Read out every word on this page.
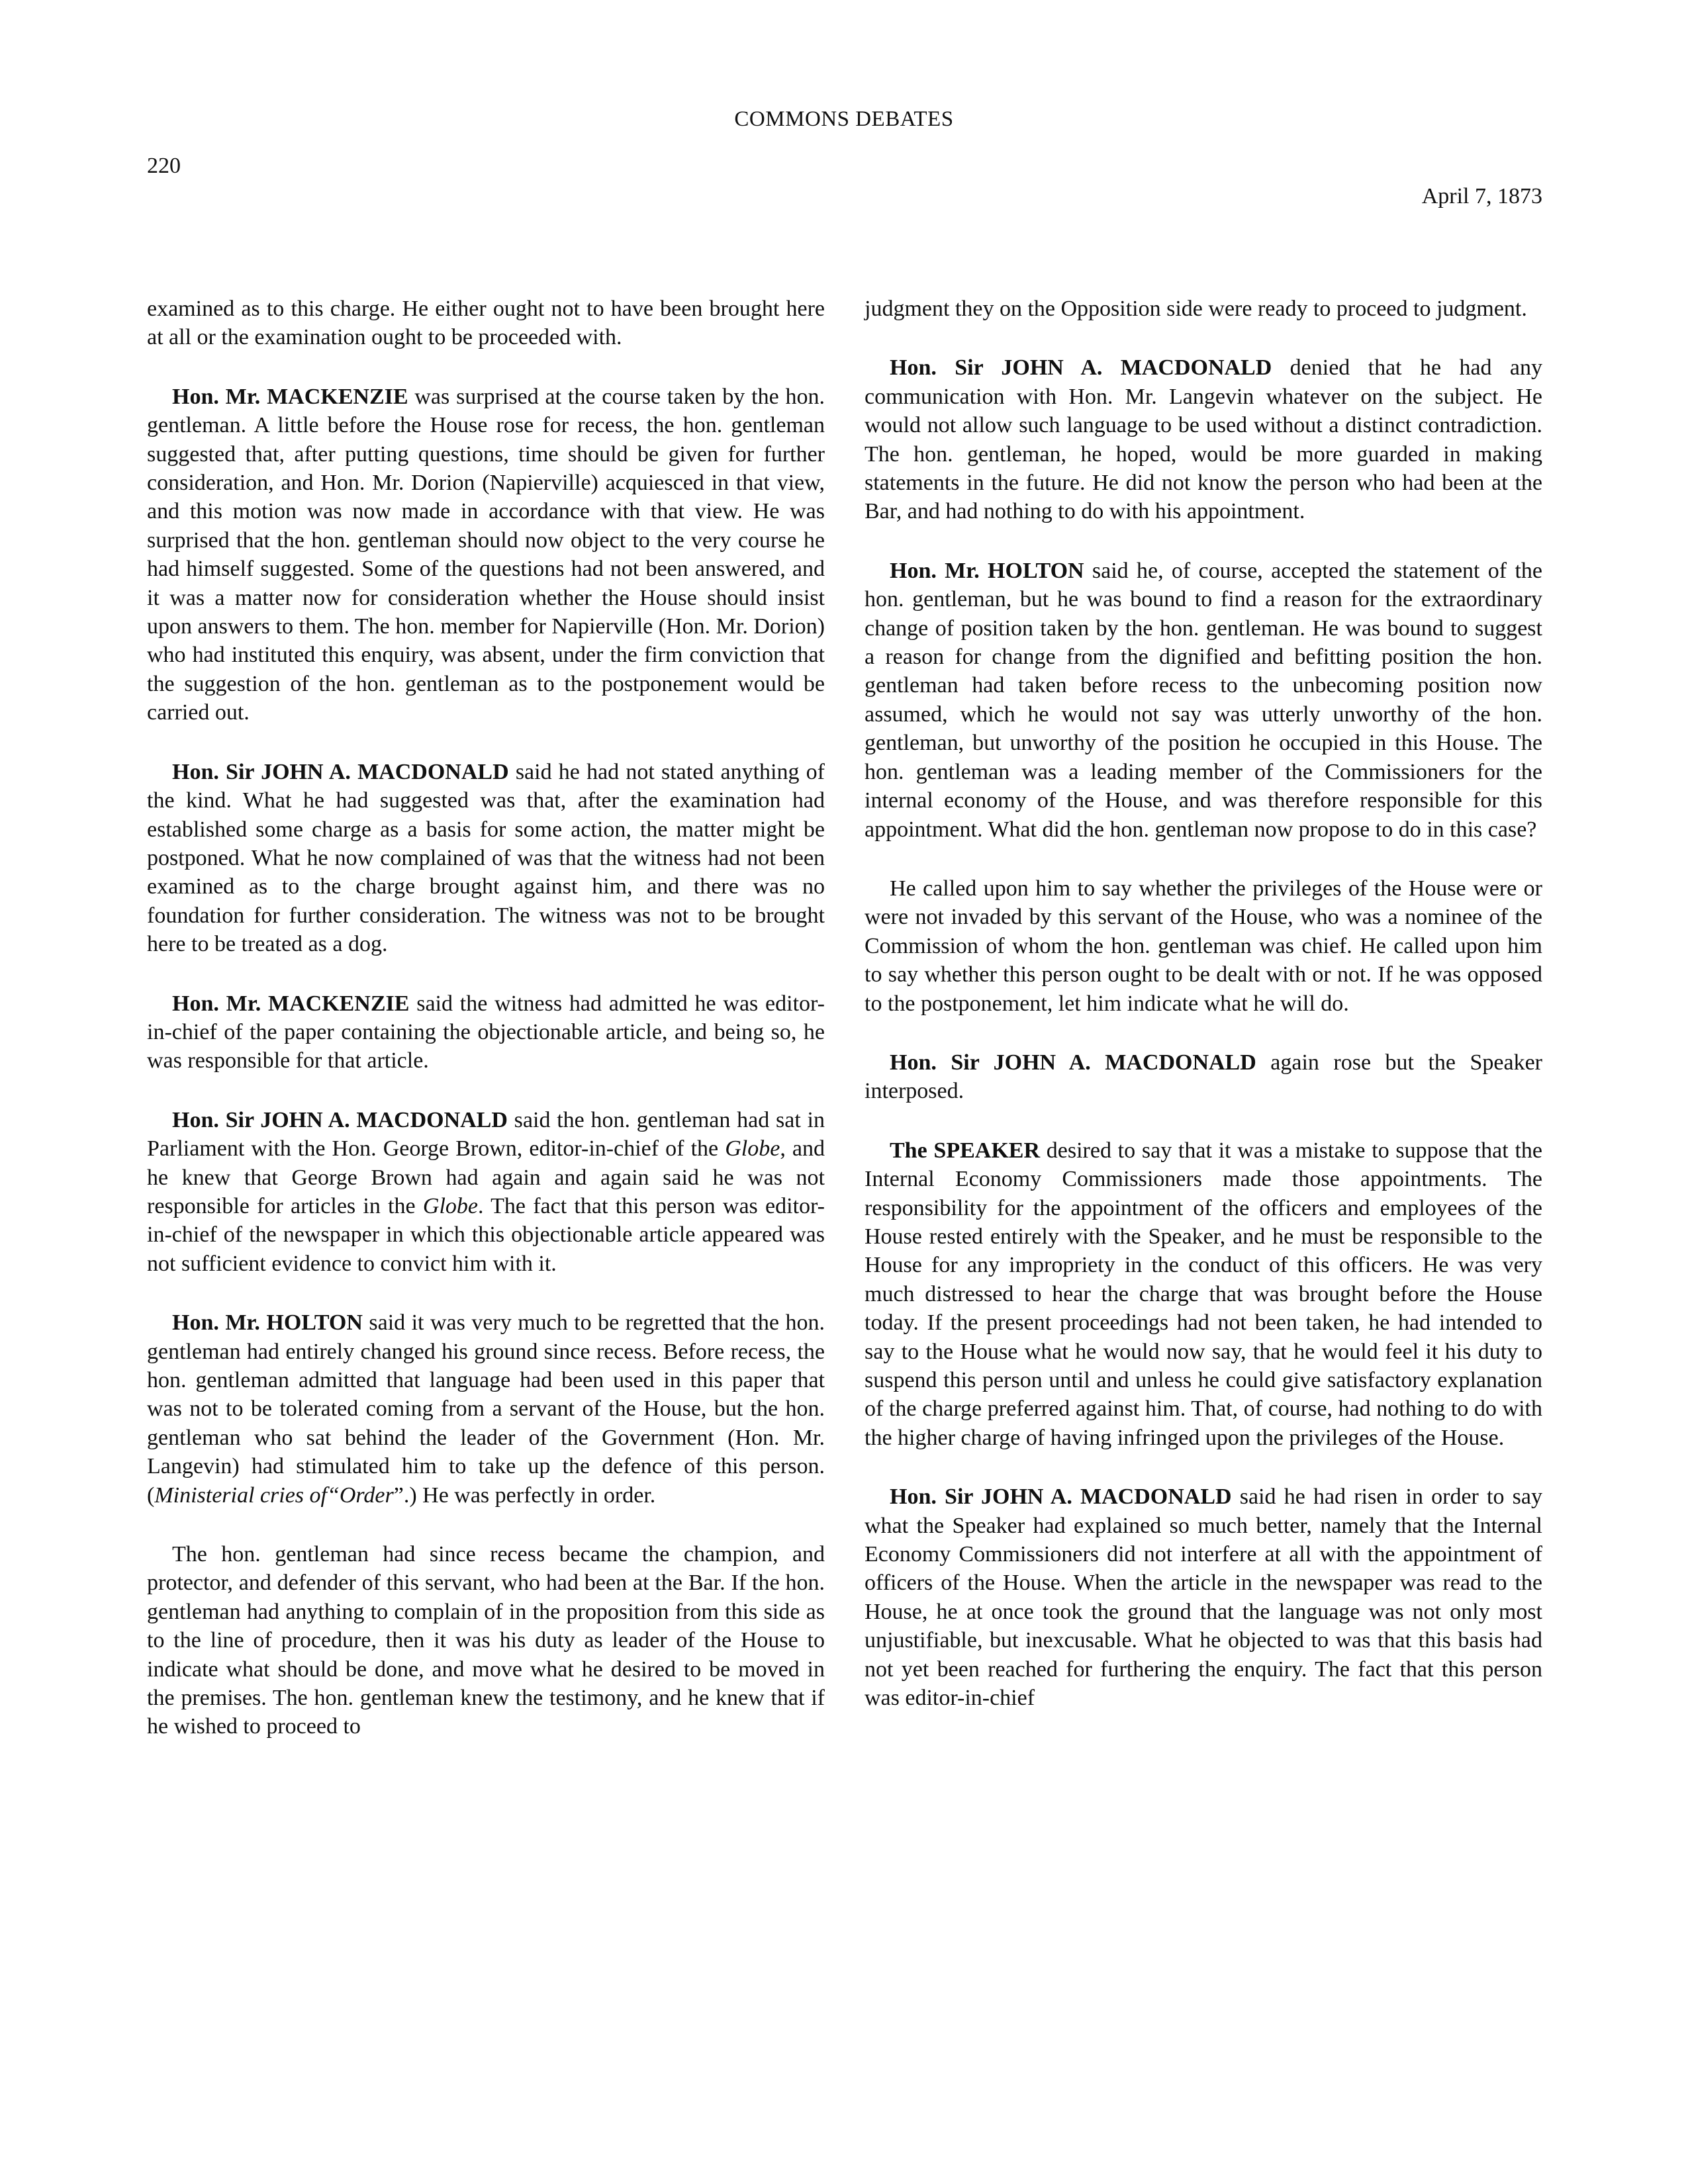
COMMONS DEBATES
220
April 7, 1873

examined as to this charge. He either ought not to have been brought here at all or the examination ought to be proceeded with.

Hon. Mr. MACKENZIE was surprised at the course taken by the hon. gentleman. A little before the House rose for recess, the hon. gentleman suggested that, after putting questions, time should be given for further consideration, and Hon. Mr. Dorion (Napierville) acquiesced in that view, and this motion was now made in accordance with that view. He was surprised that the hon. gentleman should now object to the very course he had himself suggested. Some of the questions had not been answered, and it was a matter now for consideration whether the House should insist upon answers to them. The hon. member for Napierville (Hon. Mr. Dorion) who had instituted this enquiry, was absent, under the firm conviction that the suggestion of the hon. gentleman as to the postponement would be carried out.

Hon. Sir JOHN A. MACDONALD said he had not stated anything of the kind. What he had suggested was that, after the examination had established some charge as a basis for some action, the matter might be postponed. What he now complained of was that the witness had not been examined as to the charge brought against him, and there was no foundation for further consideration. The witness was not to be brought here to be treated as a dog.

Hon. Mr. MACKENZIE said the witness had admitted he was editor-in-chief of the paper containing the objectionable article, and being so, he was responsible for that article.

Hon. Sir JOHN A. MACDONALD said the hon. gentleman had sat in Parliament with the Hon. George Brown, editor-in-chief of the Globe, and he knew that George Brown had again and again said he was not responsible for articles in the Globe. The fact that this person was editor-in-chief of the newspaper in which this objectionable article appeared was not sufficient evidence to convict him with it.

Hon. Mr. HOLTON said it was very much to be regretted that the hon. gentleman had entirely changed his ground since recess. Before recess, the hon. gentleman admitted that language had been used in this paper that was not to be tolerated coming from a servant of the House, but the hon. gentleman who sat behind the leader of the Government (Hon. Mr. Langevin) had stimulated him to take up the defence of this person. (Ministerial cries of“Order”.) He was perfectly in order.

The hon. gentleman had since recess became the champion, and protector, and defender of this servant, who had been at the Bar. If the hon. gentleman had anything to complain of in the proposition from this side as to the line of procedure, then it was his duty as leader of the House to indicate what should be done, and move what he desired to be moved in the premises. The hon. gentleman knew the testimony, and he knew that if he wished to proceed to

judgment they on the Opposition side were ready to proceed to judgment.

Hon. Sir JOHN A. MACDONALD denied that he had any communication with Hon. Mr. Langevin whatever on the subject. He would not allow such language to be used without a distinct contradiction. The hon. gentleman, he hoped, would be more guarded in making statements in the future. He did not know the person who had been at the Bar, and had nothing to do with his appointment.

Hon. Mr. HOLTON said he, of course, accepted the statement of the hon. gentleman, but he was bound to find a reason for the extraordinary change of position taken by the hon. gentleman. He was bound to suggest a reason for change from the dignified and befitting position the hon. gentleman had taken before recess to the unbecoming position now assumed, which he would not say was utterly unworthy of the hon. gentleman, but unworthy of the position he occupied in this House. The hon. gentleman was a leading member of the Commissioners for the internal economy of the House, and was therefore responsible for this appointment. What did the hon. gentleman now propose to do in this case?

He called upon him to say whether the privileges of the House were or were not invaded by this servant of the House, who was a nominee of the Commission of whom the hon. gentleman was chief. He called upon him to say whether this person ought to be dealt with or not. If he was opposed to the postponement, let him indicate what he will do.

Hon. Sir JOHN A. MACDONALD again rose but the Speaker interposed.

The SPEAKER desired to say that it was a mistake to suppose that the Internal Economy Commissioners made those appointments. The responsibility for the appointment of the officers and employees of the House rested entirely with the Speaker, and he must be responsible to the House for any impropriety in the conduct of this officers. He was very much distressed to hear the charge that was brought before the House today. If the present proceedings had not been taken, he had intended to say to the House what he would now say, that he would feel it his duty to suspend this person until and unless he could give satisfactory explanation of the charge preferred against him. That, of course, had nothing to do with the higher charge of having infringed upon the privileges of the House.

Hon. Sir JOHN A. MACDONALD said he had risen in order to say what the Speaker had explained so much better, namely that the Internal Economy Commissioners did not interfere at all with the appointment of officers of the House. When the article in the newspaper was read to the House, he at once took the ground that the language was not only most unjustifiable, but inexcusable. What he objected to was that this basis had not yet been reached for furthering the enquiry. The fact that this person was editor-in-chief
